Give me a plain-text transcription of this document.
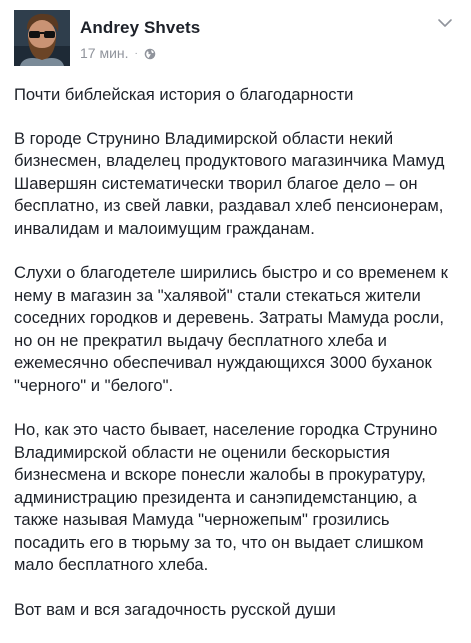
Andrey Shvets
17 мин. ·

Почти библейская история о благодарности

В городе Струнино Владимирской области некий бизнесмен, владелец продуктового магазинчика Мамуд Шавершян систематически творил благое дело – он бесплатно, из свей лавки, раздавал хлеб пенсионерам, инвалидам и малоимущим гражданам.

Слухи о благодетеле ширились быстро и со временем к нему в магазин за "халявой" стали стекаться жители соседних городков и деревень. Затраты Мамуда росли, но он не прекратил выдачу бесплатного хлеба и ежемесячно обеспечивал нуждающихся 3000 буханок "черного" и "белого".

Но, как это часто бывает, население городка Струнино Владимирской области не оценили бескорыстия бизнесмена и вскоре понесли жалобы в прокуратуру, администрацию президента и санэпидемстанцию, а также называя Мамуда "черножепым" грозились посадить его в тюрьму за то, что он выдает слишком мало бесплатного хлеба.

Вот вам и вся загадочность русской души
